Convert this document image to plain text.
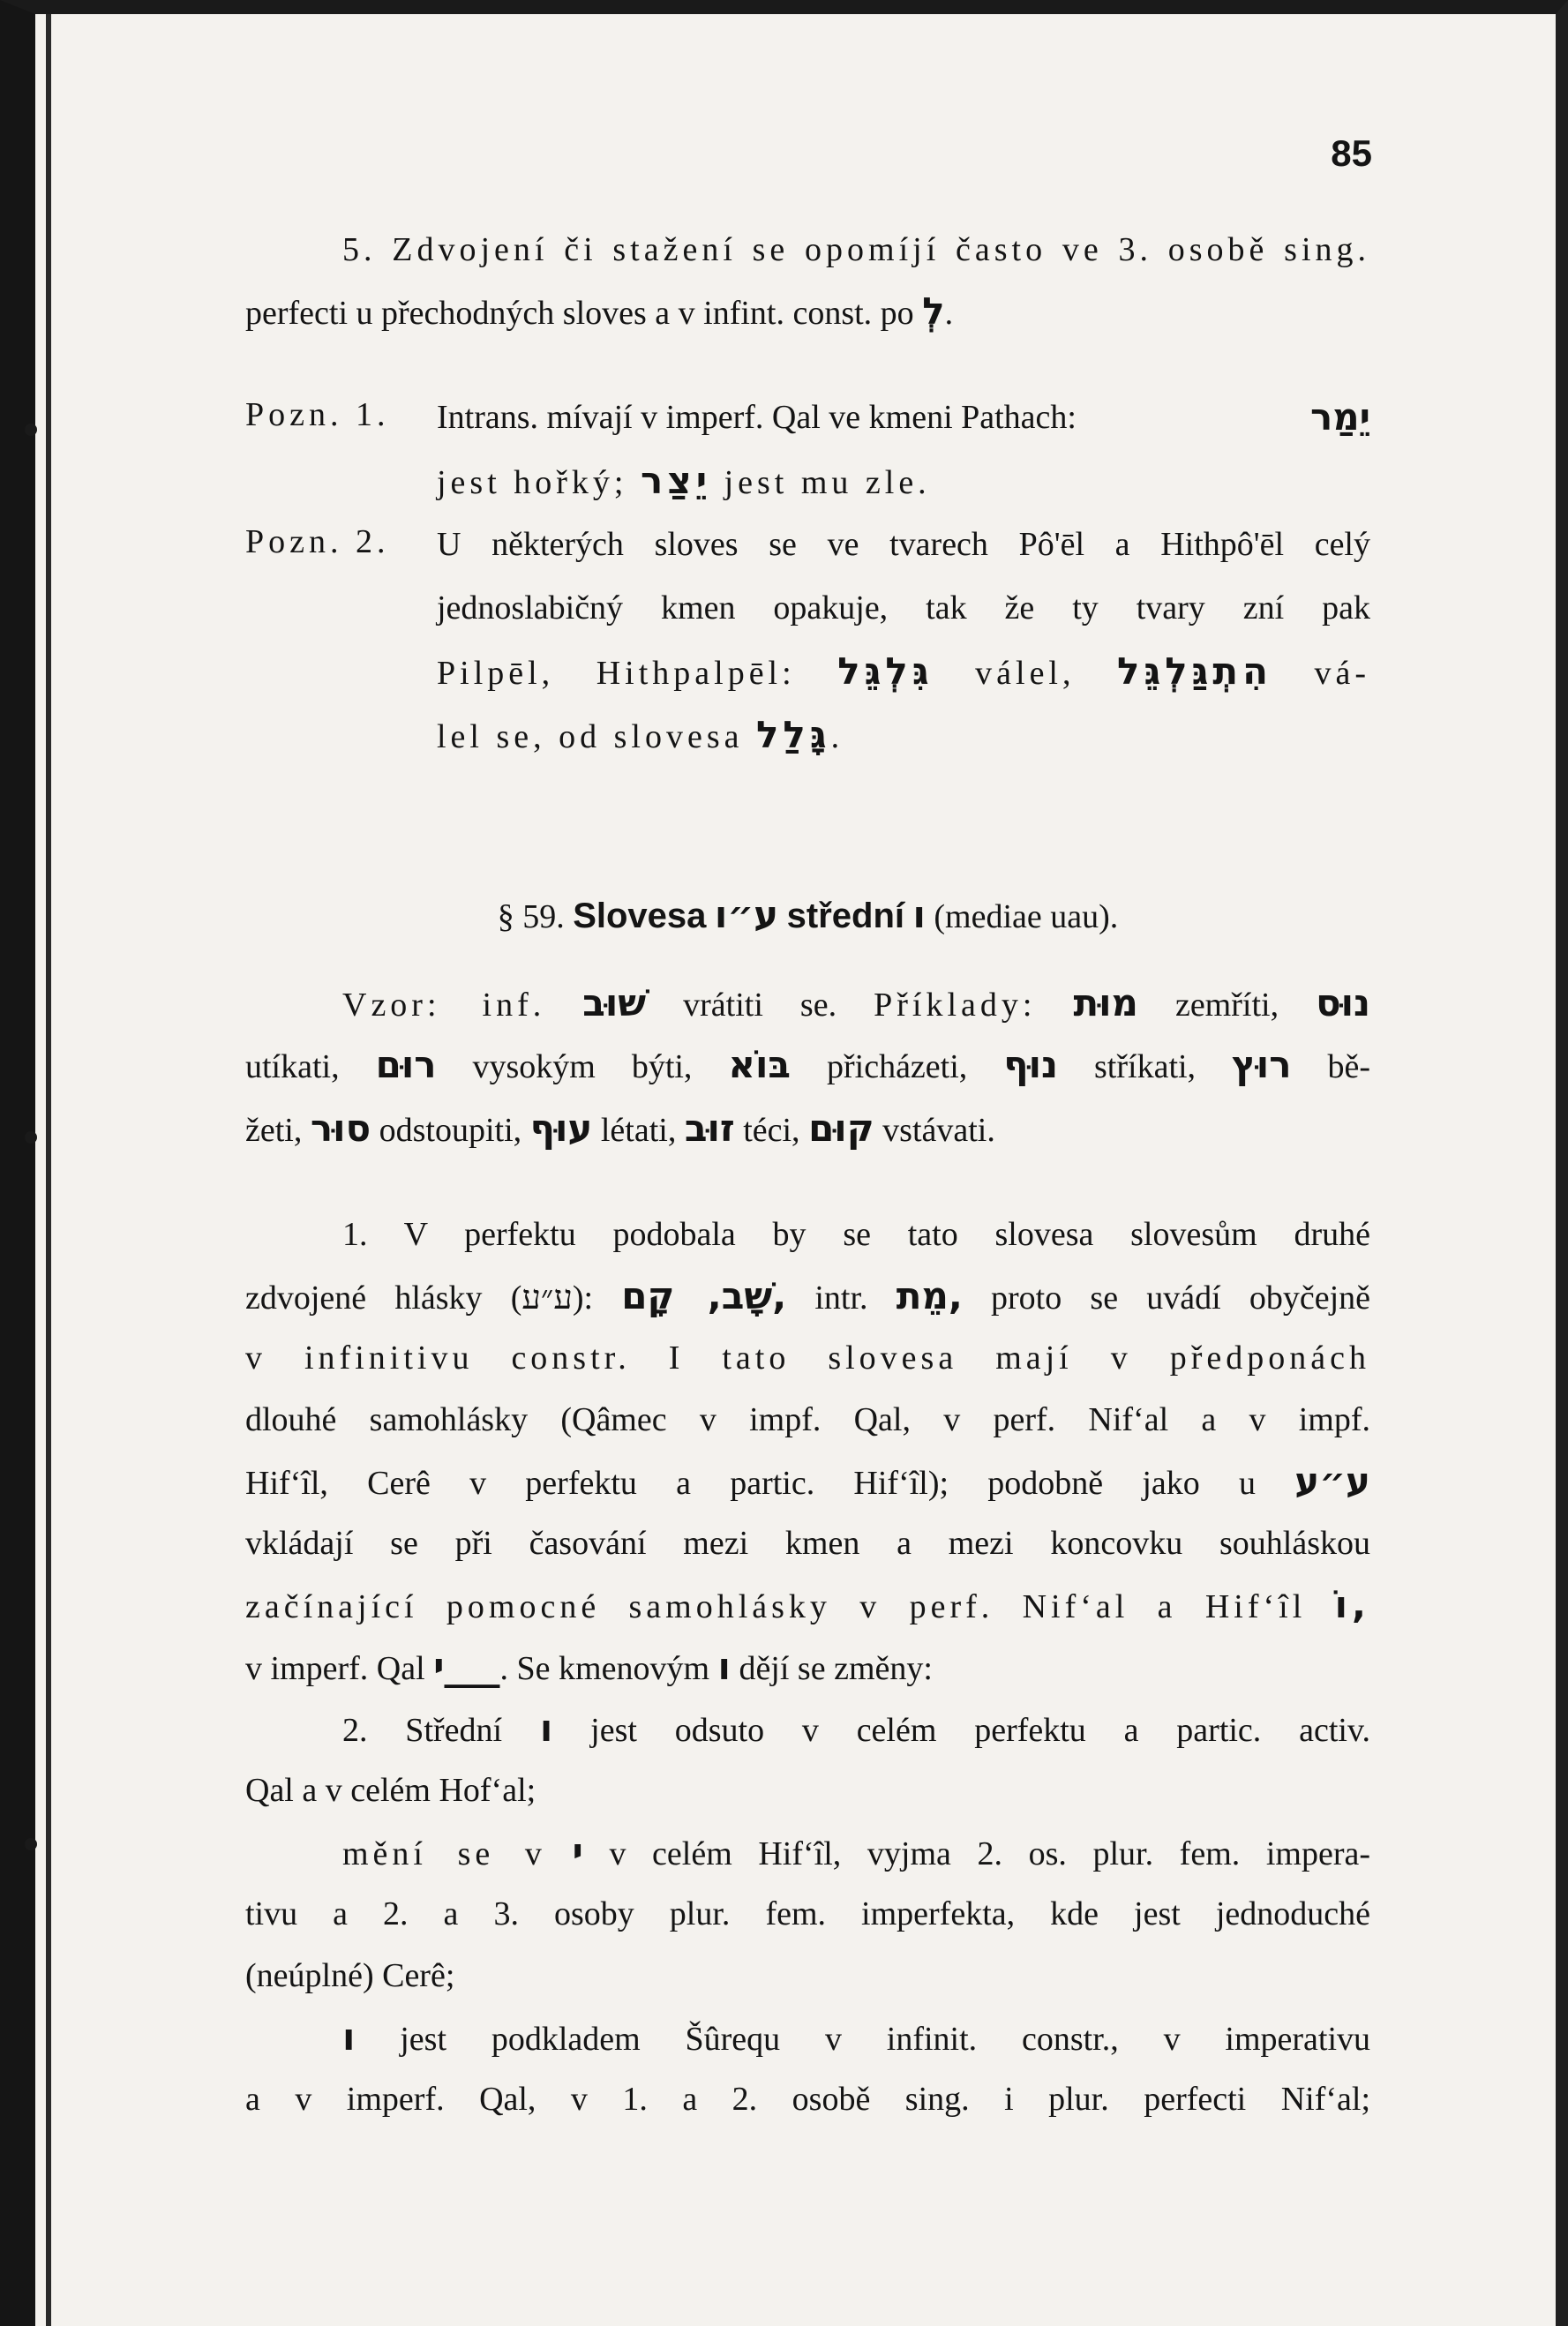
85
5. Zdvojení či stažení se opomíjí často ve 3. osobě sing.
perfecti u přechodných sloves a v infint. const. po לְ.
Pozn. 1. Intrans. mívají v imperf. Qal ve kmeni Pathach:	יֵמַר
jest hořký; יֵצַר jest mu zle.
Pozn. 2. U některých sloves se ve tvarech Pô'ēl a Hithpô'ēl celý
jednoslabičný kmen opakuje, tak že ty tvary zní pak
Pilpēl, Hithpalpēl: גִּלְגֵּל válel, הִתְגַּלְגֵּל vá-
lel se, od slovesa גָּלַל.
§ 59. Slovesa ע״ו střední ו (mediae uau).
Vzor: inf. שׁוּב vrátiti se. Příklady: מוּת zemříti, נוּס
utíkati, רוּם vysokým býti, בּוֹא přicházeti, נוּף stříkati, רוּץ bě-
žeti, סוּר odstoupiti, עוּף létati, זוּב téci, קוּם vstávati.
1. V perfektu podobala by se tato slovesa slovesům druhé
zdvojené hlásky (ע״ע): שָׁב, קָם, intr. מֵת, proto se uvádí obyčejně
v infinitivu constr. I tato slovesa mají v předponách
dlouhé samohlásky (Qâmec v impf. Qal, v perf. Nifʻal a v impf.
Hifʻîl, Cerê v perfektu a partic. Hifʻîl); podobně jako u ע״ע
vkládají se při časování mezi kmen a mezi koncovku souhláskou
začínající pomocné samohlásky v perf. Nifʻal a Hifʻîl וֹ,
v imperf. Qal י___. Se kmenovým ו dějí se změny:
2. Střední ו jest odsuto v celém perfektu a partic. activ.
Qal a v celém Hofʻal;
mění se v י v celém Hifʻîl, vyjma 2. os. plur. fem. impera-
tivu a 2. a 3. osoby plur. fem. imperfekta, kde jest jednoduché
(neúplné) Cerê;
ו jest podkladem Šûrequ v infinit. constr., v imperativu
a v imperf. Qal, v 1. a 2. osobě sing. i plur. perfecti Nifʻal;
